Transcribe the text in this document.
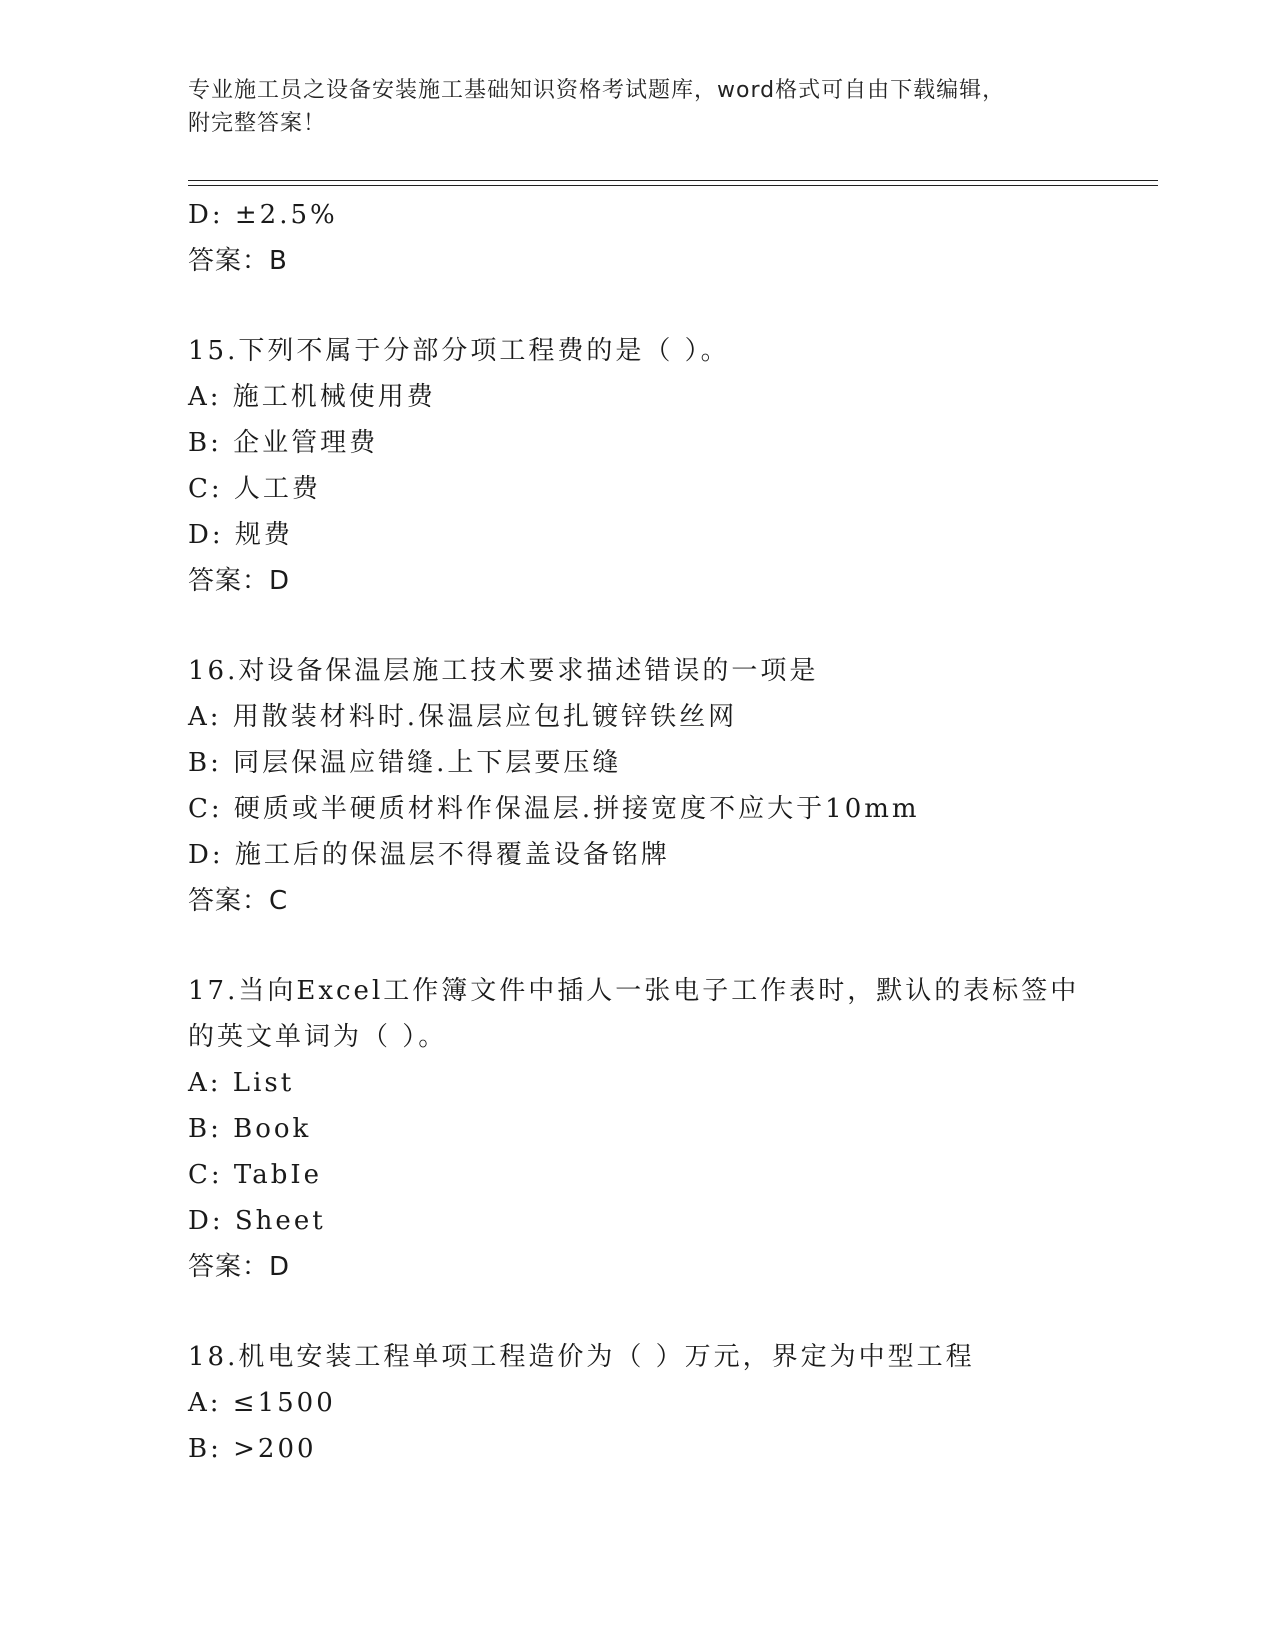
专业施工员之设备安装施工基础知识资格考试题库，word格式可自由下载编辑，
附完整答案！
D: ±2.5%
答案：B
15.下列不属于分部分项工程费的是（ ）。
A: 施工机械使用费
B: 企业管理费
C: 人工费
D: 规费
答案：D
16.对设备保温层施工技术要求描述错误的一项是
A: 用散装材料时.保温层应包扎镀锌铁丝网
B: 同层保温应错缝.上下层要压缝
C: 硬质或半硬质材料作保温层.拼接宽度不应大于10mm
D: 施工后的保温层不得覆盖设备铭牌
答案：C
17.当向Excel工作簿文件中插人一张电子工作表时，默认的表标签中
的英文单词为（ ）。
A: List
B: Book
C: TabIe
D: Sheet
答案：D
18.机电安装工程单项工程造价为（ ）万元，界定为中型工程
A: ≤1500
B: >200
